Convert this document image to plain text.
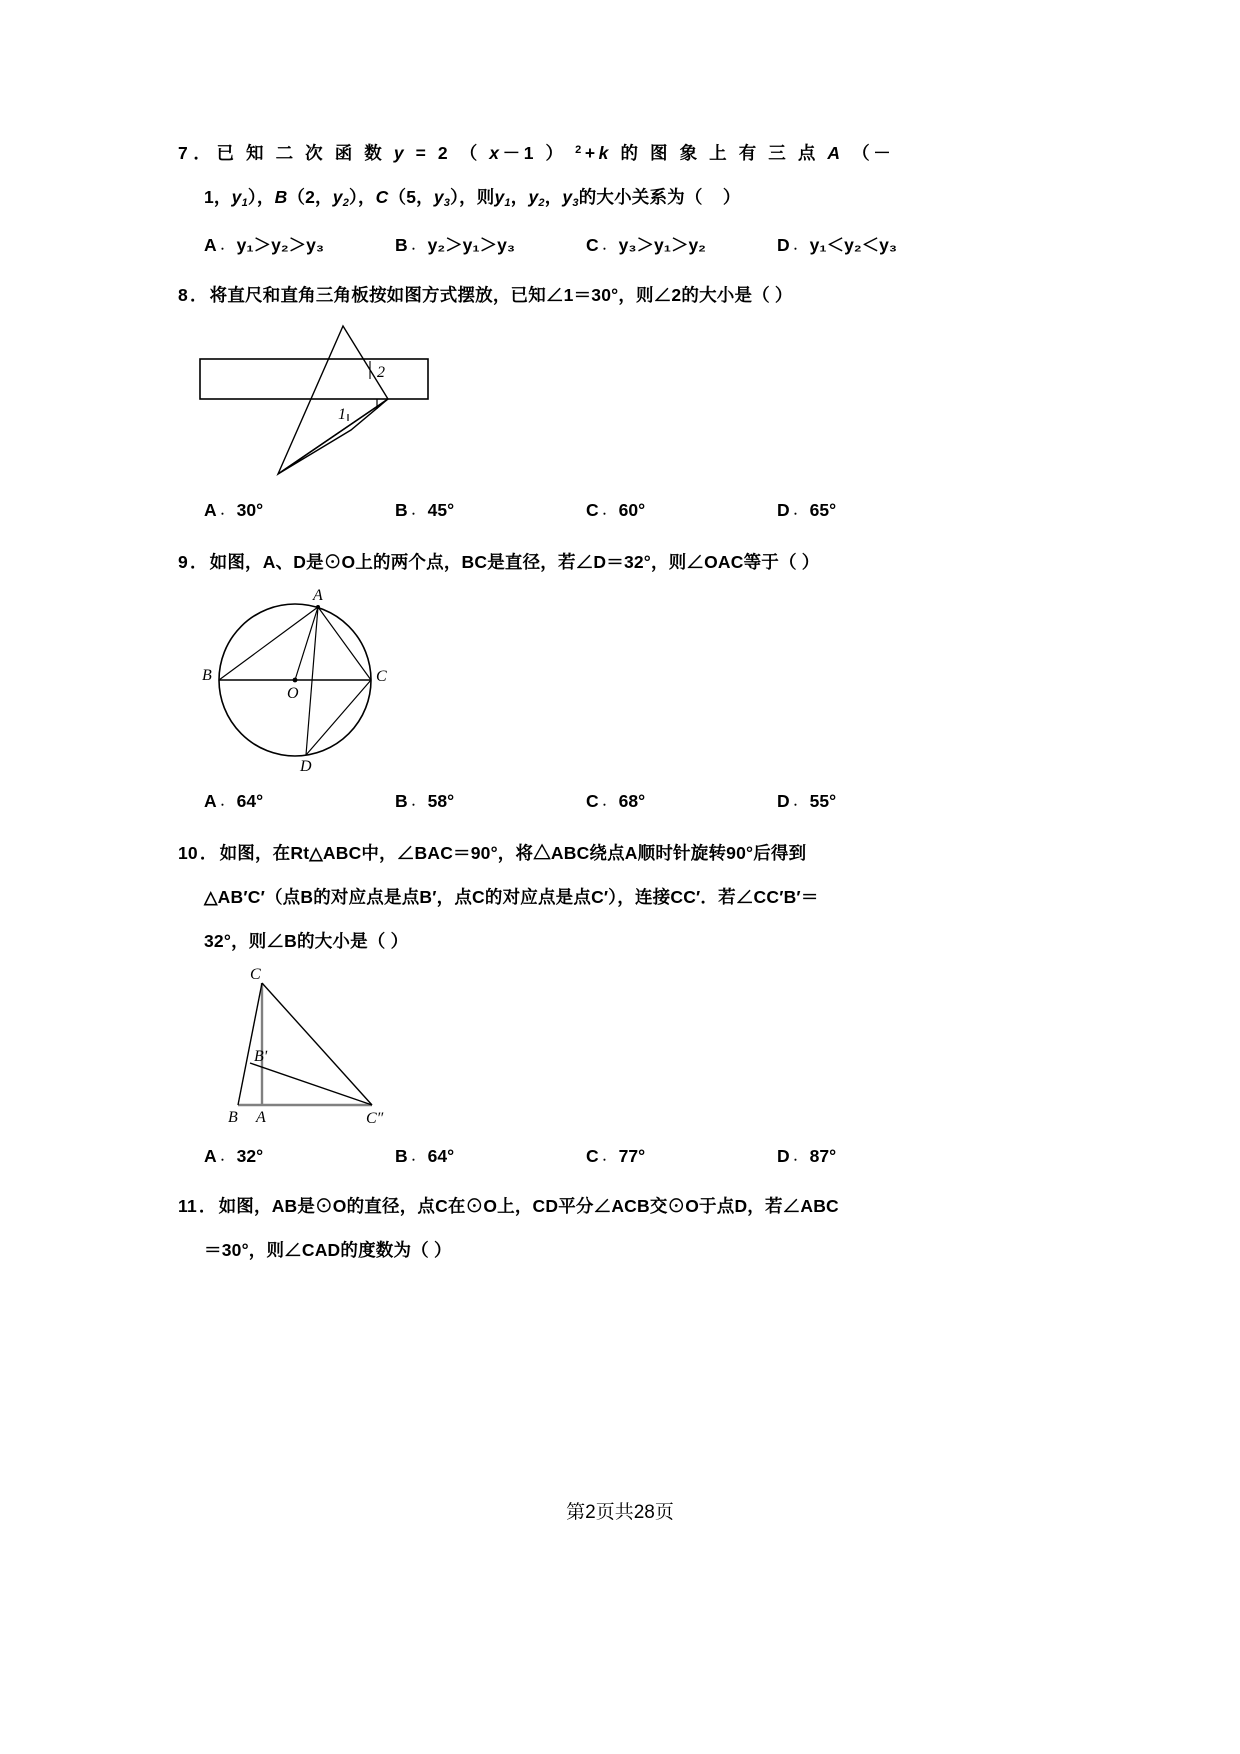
7 ． 已 知 二 次 函 数 y = 2 （ x－1 ） $^2$+k 的 图 象 上 有 三 点 A （－
1，$y_1$），B（2，$y_2$），C（5，$y_3$），则$y_1$，$y_2$，$y_3$的大小关系为（    ）
A ． y₁＞y₂＞y₃	B ． y₂＞y₁＞y₃	C ． y₃＞y₁＞y₂	D ． y₁＜y₂＜y₃
8 ． 将直尺和直角三角板按如图方式摆放，已知∠1＝30°，则∠2的大小是（ ）
1
2
A ． 30°	B ． 45°	C ． 60°	D ． 65°
9 ． 如图，A、D是⊙O上的两个点，BC是直径，若∠D＝32°，则∠OAC等于（ ）
A
B	C
D
O
A ． 64°	B ． 58°	C ． 68°	D ． 55°
10 ． 如图，在Rt△ABC中，∠BAC＝90°，将△ABC绕点A顺时针旋转90°后得到
△AB′C′（点B的对应点是点B′，点C的对应点是点C′），连接CC′．若∠CC′B′＝
32°，则∠B的大小是（ ）
C
Bʹ
B A	C″
A ． 32°	B ． 64°	C ． 77°	D ． 87°
11 ． 如图，AB是⊙O的直径，点C在⊙O上，CD平分∠ACB交⊙O于点D，若∠ABC
＝30°，则∠CAD的度数为（ ）
第2页共28页
